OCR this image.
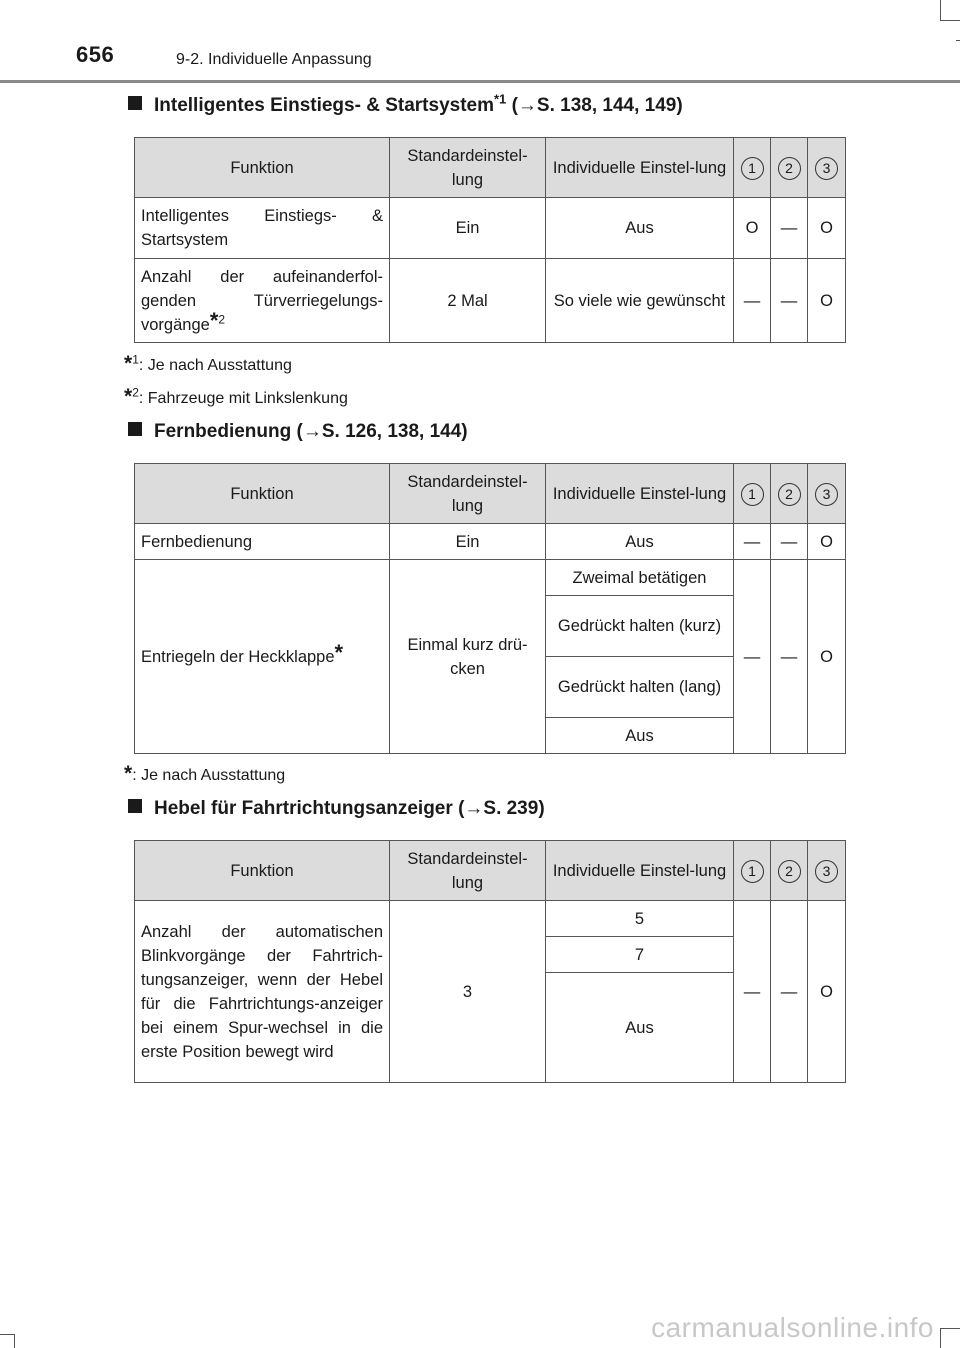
656	9-2. Individuelle Anpassung
Intelligentes Einstiegs- & Startsystem$^{*1}$ (→S. 138, 144, 149)
Funktion	Standardeinstel-lung	Individuelle Einstel-lung	1	2	3
Intelligentes Einstiegs- & Startsystem	Ein	Aus	O	—	O
Anzahl der aufeinanderfol-genden Türverriegelungs-vorgänge*$^2$	2 Mal	So viele wie gewünscht	—	—	O
*$^1$: Je nach Ausstattung
*$^2$: Fahrzeuge mit Linkslenkung
Fernbedienung (→S. 126, 138, 144)
Funktion	Standardeinstel-lung	Individuelle Einstel-lung	1	2	3
Fernbedienung	Ein	Aus	—	—	O
Entriegeln der Heckklappe*	Einmal kurz drü-cken	Zweimal betätigen	—	—	O
		Gedrückt halten (kurz)			
		Gedrückt halten (lang)			
		Aus			
*: Je nach Ausstattung
Hebel für Fahrtrichtungsanzeiger (→S. 239)
Funktion	Standardeinstel-lung	Individuelle Einstel-lung	1	2	3
Anzahl der automatischen Blinkvorgänge der Fahrtrich-tungsanzeiger, wenn der Hebel für die Fahrtrichtungs-anzeiger bei einem Spur-wechsel in die erste Position bewegt wird	3	5	—	—	O
		7			
		Aus			
carmanualsonline.info
